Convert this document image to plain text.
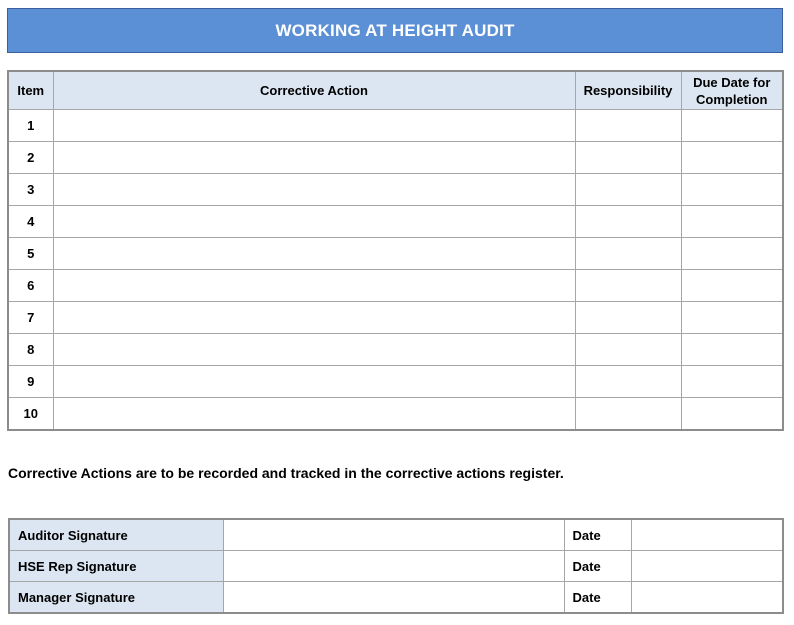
WORKING AT HEIGHT AUDIT
Item	Corrective Action	Responsibility	Due Date for Completion
1			
2			
3			
4			
5			
6			
7			
8			
9			
10			
Corrective Actions are to be recorded and tracked in the corrective actions register.
Auditor Signature		Date	
HSE Rep Signature		Date	
Manager Signature		Date	
